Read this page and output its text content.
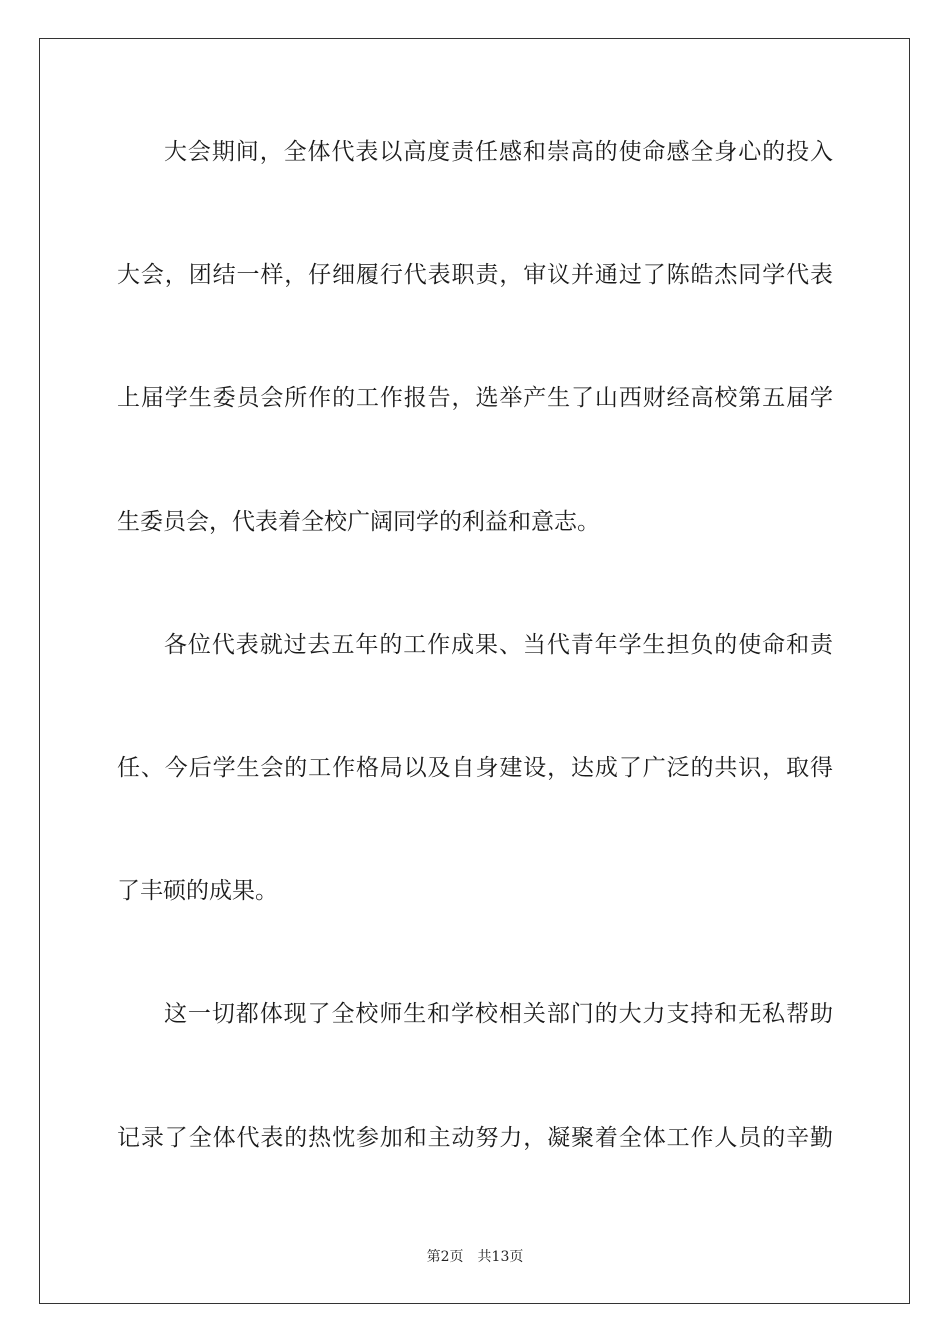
大会期间，全体代表以高度责任感和崇高的使命感全身心的投入
大会，团结一样，仔细履行代表职责，审议并通过了陈皓杰同学代表
上届学生委员会所作的工作报告，选举产生了山西财经高校第五届学
生委员会，代表着全校广阔同学的利益和意志。
各位代表就过去五年的工作成果、当代青年学生担负的使命和责
任、今后学生会的工作格局以及自身建设，达成了广泛的共识，取得
了丰硕的成果。
这一切都体现了全校师生和学校相关部门的大力支持和无私帮助
记录了全体代表的热忱参加和主动努力，凝聚着全体工作人员的辛勤
第2页 共13页
